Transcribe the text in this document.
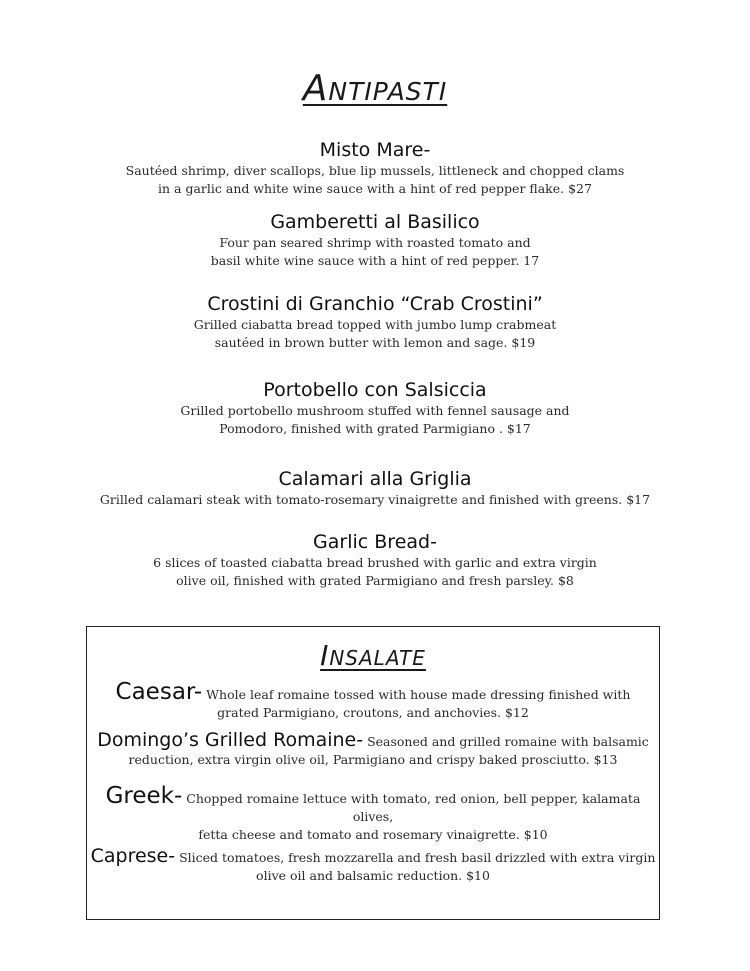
Antipasti
Misto Mare-
Sautéed shrimp, diver scallops, blue lip mussels, littleneck and chopped clams
in a garlic and white wine sauce with a hint of red pepper flake. $27
Gamberetti al Basilico
Four pan seared shrimp with roasted tomato and
basil white wine sauce with a hint of red pepper. 17
Crostini di Granchio “Crab Crostini”
Grilled ciabatta bread topped with jumbo lump crabmeat
sautéed in brown butter with lemon and sage. $19
Portobello con Salsiccia
Grilled portobello mushroom stuffed with fennel sausage and
Pomodoro, finished with grated Parmigiano . $17
Calamari alla Griglia
Grilled calamari steak with tomato-rosemary vinaigrette and finished with greens. $17
Garlic Bread-
6 slices of toasted ciabatta bread brushed with garlic and extra virgin
olive oil, finished with grated Parmigiano and fresh parsley. $8
Insalate
Caesar- Whole leaf romaine tossed with house made dressing finished with
grated Parmigiano, croutons, and anchovies. $12
Domingo’s Grilled Romaine- Seasoned and grilled romaine with balsamic
reduction, extra virgin olive oil, Parmigiano and crispy baked prosciutto. $13
Greek- Chopped romaine lettuce with tomato, red onion, bell pepper, kalamata olives,
fetta cheese and tomato and rosemary vinaigrette. $10
Caprese- Sliced tomatoes, fresh mozzarella and fresh basil drizzled with extra virgin
olive oil and balsamic reduction. $10
